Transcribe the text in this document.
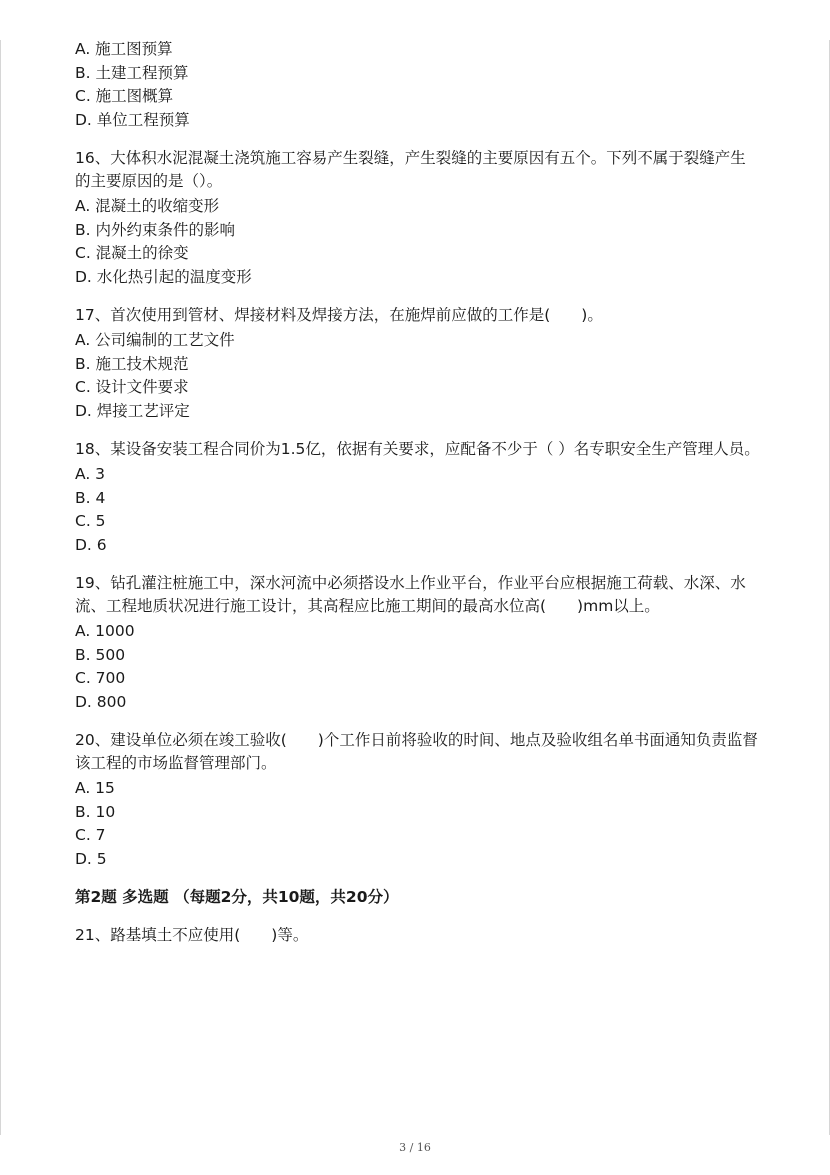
A. 施工图预算
B. 土建工程预算
C. 施工图概算
D. 单位工程预算
16、大体积水泥混凝土浇筑施工容易产生裂缝，产生裂缝的主要原因有五个。下列不属于裂缝产生的主要原因的是（）。
A. 混凝土的收缩变形
B. 内外约束条件的影响
C. 混凝土的徐变
D. 水化热引起的温度变形
17、首次使用到管材、焊接材料及焊接方法，在施焊前应做的工作是(　　)。
A. 公司编制的工艺文件
B. 施工技术规范
C. 设计文件要求
D. 焊接工艺评定
18、某设备安装工程合同价为1.5亿，依据有关要求，应配备不少于（ ）名专职安全生产管理人员。
A. 3
B. 4
C. 5
D. 6
19、钻孔灌注桩施工中，深水河流中必须搭设水上作业平台，作业平台应根据施工荷载、水深、水流、工程地质状况进行施工设计，其高程应比施工期间的最高水位高(　　)mm以上。
A. 1000
B. 500
C. 700
D. 800
20、建设单位必须在竣工验收(　　)个工作日前将验收的时间、地点及验收组名单书面通知负责监督该工程的市场监督管理部门。
A. 15
B. 10
C. 7
D. 5
第2题 多选题 （每题2分，共10题，共20分）
21、路基填土不应使用(　　)等。
3 / 16
